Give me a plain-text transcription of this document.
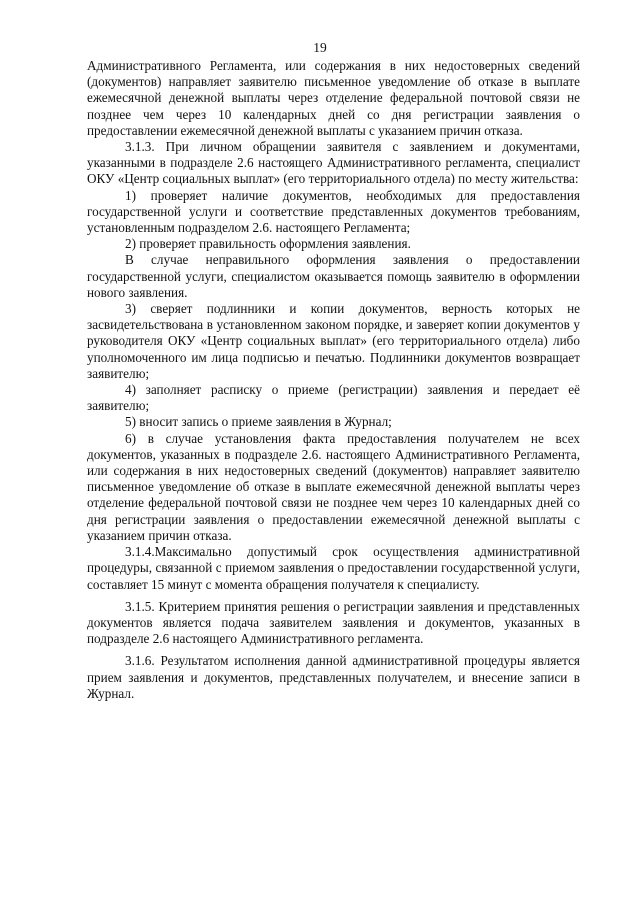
19

Административного Регламента, или содержания в них недостоверных сведений (документов) направляет заявителю письменное уведомление об отказе в выплате ежемесячной денежной выплаты через отделение федеральной почтовой связи не позднее чем через 10 календарных дней со дня регистрации заявления о предоставлении ежемесячной денежной выплаты с указанием причин отказа.

3.1.3. При личном обращении заявителя с заявлением и документами, указанными в подразделе 2.6 настоящего Административного регламента, специалист ОКУ «Центр социальных выплат» (его территориального отдела) по месту жительства:

1) проверяет наличие документов, необходимых для предоставления государственной услуги и соответствие представленных документов требованиям, установленным подразделом 2.6. настоящего Регламента;

2) проверяет правильность оформления заявления.

В случае неправильного оформления заявления о предоставлении государственной услуги, специалистом оказывается помощь заявителю в оформлении нового заявления.

3) сверяет подлинники и копии документов, верность которых не засвидетельствована в установленном законом порядке, и заверяет копии документов у руководителя ОКУ «Центр социальных выплат» (его территориального отдела) либо уполномоченного им лица подписью и печатью. Подлинники документов возвращает заявителю;

4) заполняет расписку о приеме (регистрации) заявления и передает её заявителю;

5) вносит запись о приеме заявления в Журнал;

6) в случае установления факта предоставления получателем не всех документов, указанных в подразделе 2.6. настоящего Административного Регламента, или содержания в них недостоверных сведений (документов) направляет заявителю письменное уведомление об отказе в выплате ежемесячной денежной выплаты через отделение федеральной почтовой связи не позднее чем через 10 календарных дней со дня регистрации заявления о предоставлении ежемесячной денежной выплаты с указанием причин отказа.

3.1.4.Максимально допустимый срок осуществления административной процедуры, связанной с приемом заявления о предоставлении государственной услуги, составляет 15 минут с момента обращения получателя к специалисту.

3.1.5. Критерием принятия решения о регистрации заявления и представленных документов является подача заявителем заявления и документов, указанных в подразделе 2.6 настоящего Административного регламента.

3.1.6. Результатом исполнения данной административной процедуры является прием заявления и документов, представленных получателем, и внесение записи в Журнал.
